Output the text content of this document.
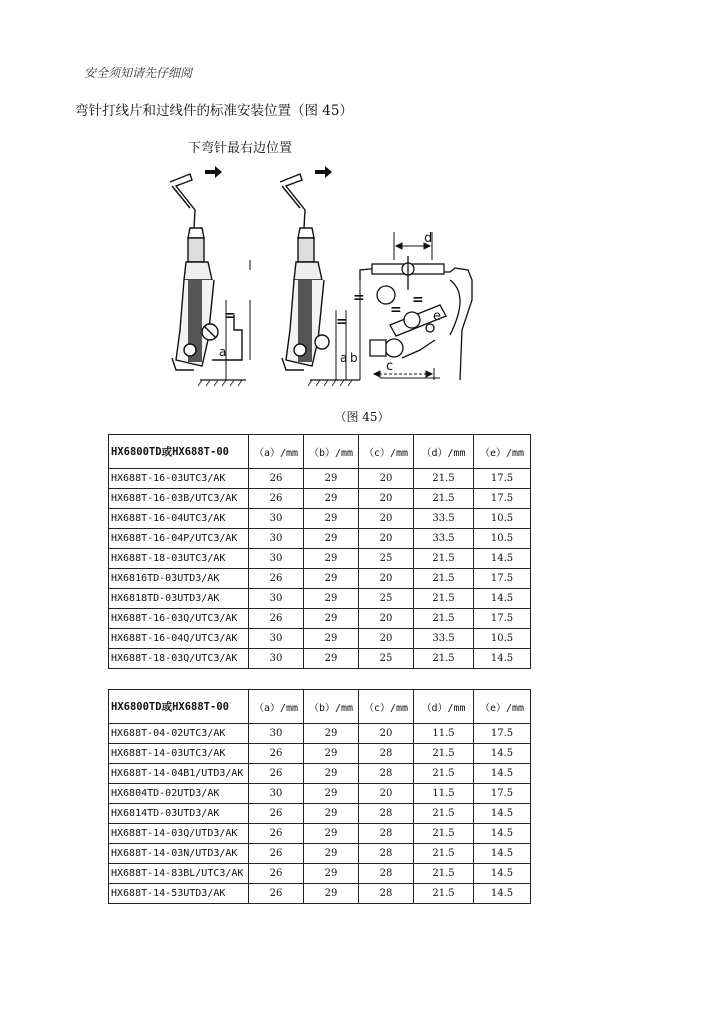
安全须知请先仔细阅
弯针打线片和过线件的标准安装位置（图 45）
下弯针最右边位置
=
a
=
=
a b
d
c
e
=
=
（图 45）
HX6800TD或HX688T-00	（a）/mm	（b）/mm	（c）/mm	（d）/mm	（e）/mm
HX688T-16-03UTC3/AK	26	29	20	21.5	17.5
HX688T-16-03B/UTC3/AK	26	29	20	21.5	17.5
HX688T-16-04UTC3/AK	30	29	20	33.5	10.5
HX688T-16-04P/UTC3/AK	30	29	20	33.5	10.5
HX688T-18-03UTC3/AK	30	29	25	21.5	14.5
HX6816TD-03UTD3/AK	26	29	20	21.5	17.5
HX6818TD-03UTD3/AK	30	29	25	21.5	14.5
HX688T-16-03Q/UTC3/AK	26	29	20	21.5	17.5
HX688T-16-04Q/UTC3/AK	30	29	20	33.5	10.5
HX688T-18-03Q/UTC3/AK	30	29	25	21.5	14.5
HX6800TD或HX688T-00	（a）/mm	（b）/mm	（c）/mm	（d）/mm	（e）/mm
HX688T-04-02UTC3/AK	30	29	20	11.5	17.5
HX688T-14-03UTC3/AK	26	29	28	21.5	14.5
HX688T-14-04B1/UTD3/AK	26	29	28	21.5	14.5
HX6804TD-02UTD3/AK	30	29	20	11.5	17.5
HX6814TD-03UTD3/AK	26	29	28	21.5	14.5
HX688T-14-03Q/UTD3/AK	26	29	28	21.5	14.5
HX688T-14-03N/UTD3/AK	26	29	28	21.5	14.5
HX688T-14-83BL/UTC3/AK	26	29	28	21.5	14.5
HX688T-14-53UTD3/AK	26	29	28	21.5	14.5
